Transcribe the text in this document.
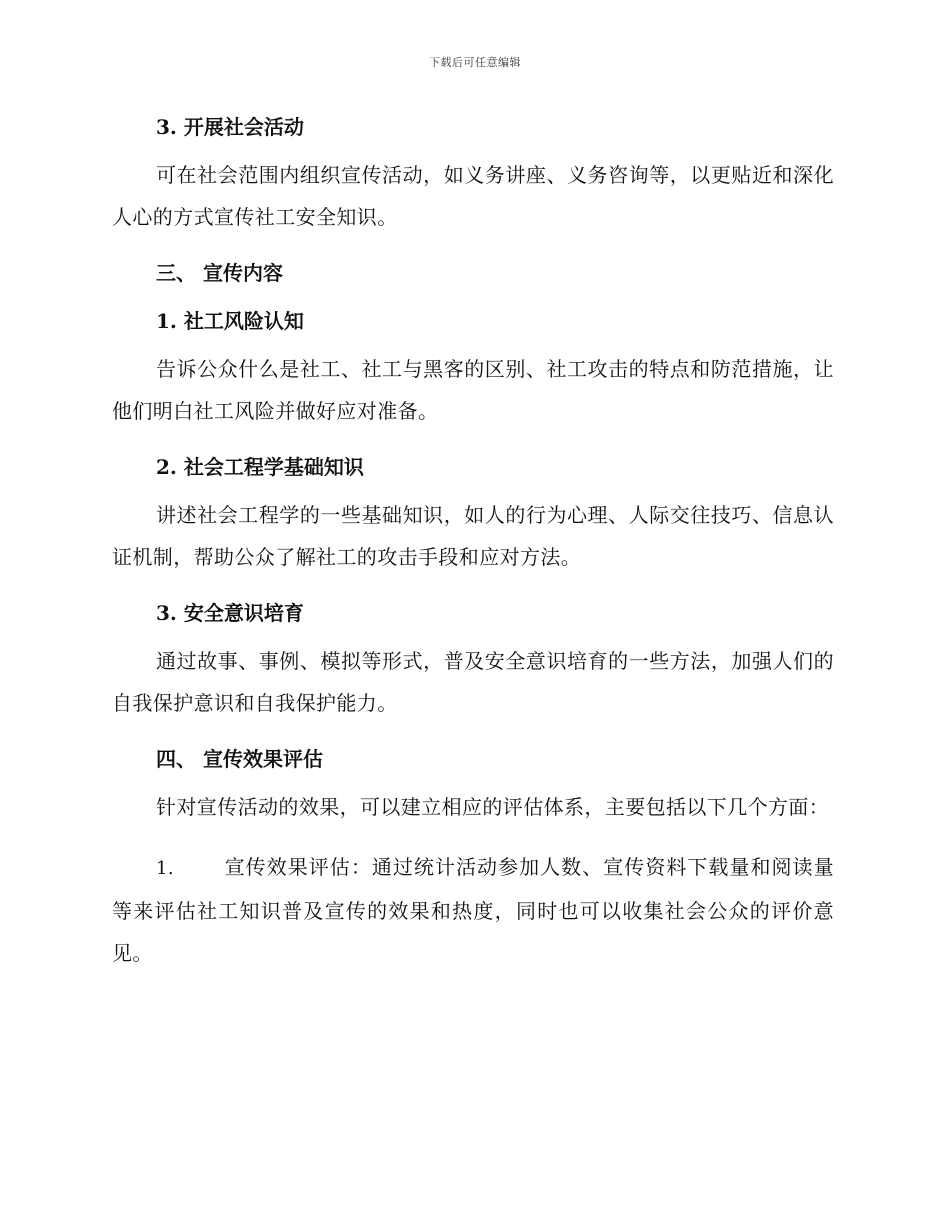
下载后可任意编辑
3. 开展社会活动

可在社会范围内组织宣传活动，如义务讲座、义务咨询等，以更贴近和深化人心的方式宣传社工安全知识。

三、 宣传内容
1. 社工风险认知

告诉公众什么是社工、社工与黑客的区别、社工攻击的特点和防范措施，让他们明白社工风险并做好应对准备。

2. 社会工程学基础知识

讲述社会工程学的一些基础知识，如人的行为心理、人际交往技巧、信息认证机制，帮助公众了解社工的攻击手段和应对方法。

3. 安全意识培育

通过故事、事例、模拟等形式，普及安全意识培育的一些方法，加强人们的自我保护意识和自我保护能力。

四、 宣传效果评估

针对宣传活动的效果，可以建立相应的评估体系，主要包括以下几个方面：

1.	宣传效果评估：通过统计活动参加人数、宣传资料下载量和阅读量等来评估社工知识普及宣传的效果和热度，同时也可以收集社会公众的评价意见。
